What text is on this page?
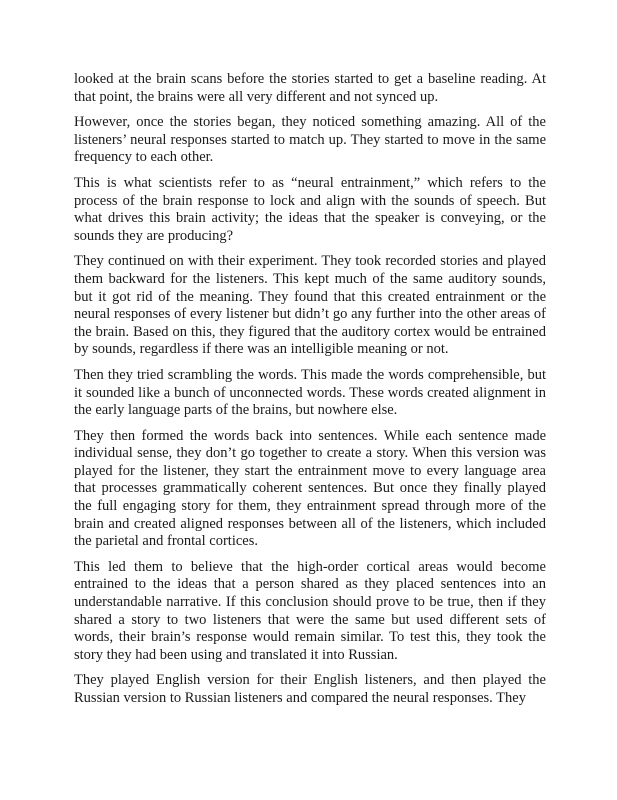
looked at the brain scans before the stories started to get a baseline reading. At that point, the brains were all very different and not synced up.

However, once the stories began, they noticed something amazing. All of the listeners’ neural responses started to match up. They started to move in the same frequency to each other.

This is what scientists refer to as “neural entrainment,” which refers to the process of the brain response to lock and align with the sounds of speech. But what drives this brain activity; the ideas that the speaker is conveying, or the sounds they are producing?

They continued on with their experiment. They took recorded stories and played them backward for the listeners. This kept much of the same auditory sounds, but it got rid of the meaning. They found that this created entrainment or the neural responses of every listener but didn’t go any further into the other areas of the brain. Based on this, they figured that the auditory cortex would be entrained by sounds, regardless if there was an intelligible meaning or not.

Then they tried scrambling the words. This made the words comprehensible, but it sounded like a bunch of unconnected words. These words created alignment in the early language parts of the brains, but nowhere else.

They then formed the words back into sentences. While each sentence made individual sense, they don’t go together to create a story. When this version was played for the listener, they start the entrainment move to every language area that processes grammatically coherent sentences. But once they finally played the full engaging story for them, they entrainment spread through more of the brain and created aligned responses between all of the listeners, which included the parietal and frontal cortices.

This led them to believe that the high-order cortical areas would become entrained to the ideas that a person shared as they placed sentences into an understandable narrative. If this conclusion should prove to be true, then if they shared a story to two listeners that were the same but used different sets of words, their brain’s response would remain similar. To test this, they took the story they had been using and translated it into Russian.

They played English version for their English listeners, and then played the Russian version to Russian listeners and compared the neural responses. They
